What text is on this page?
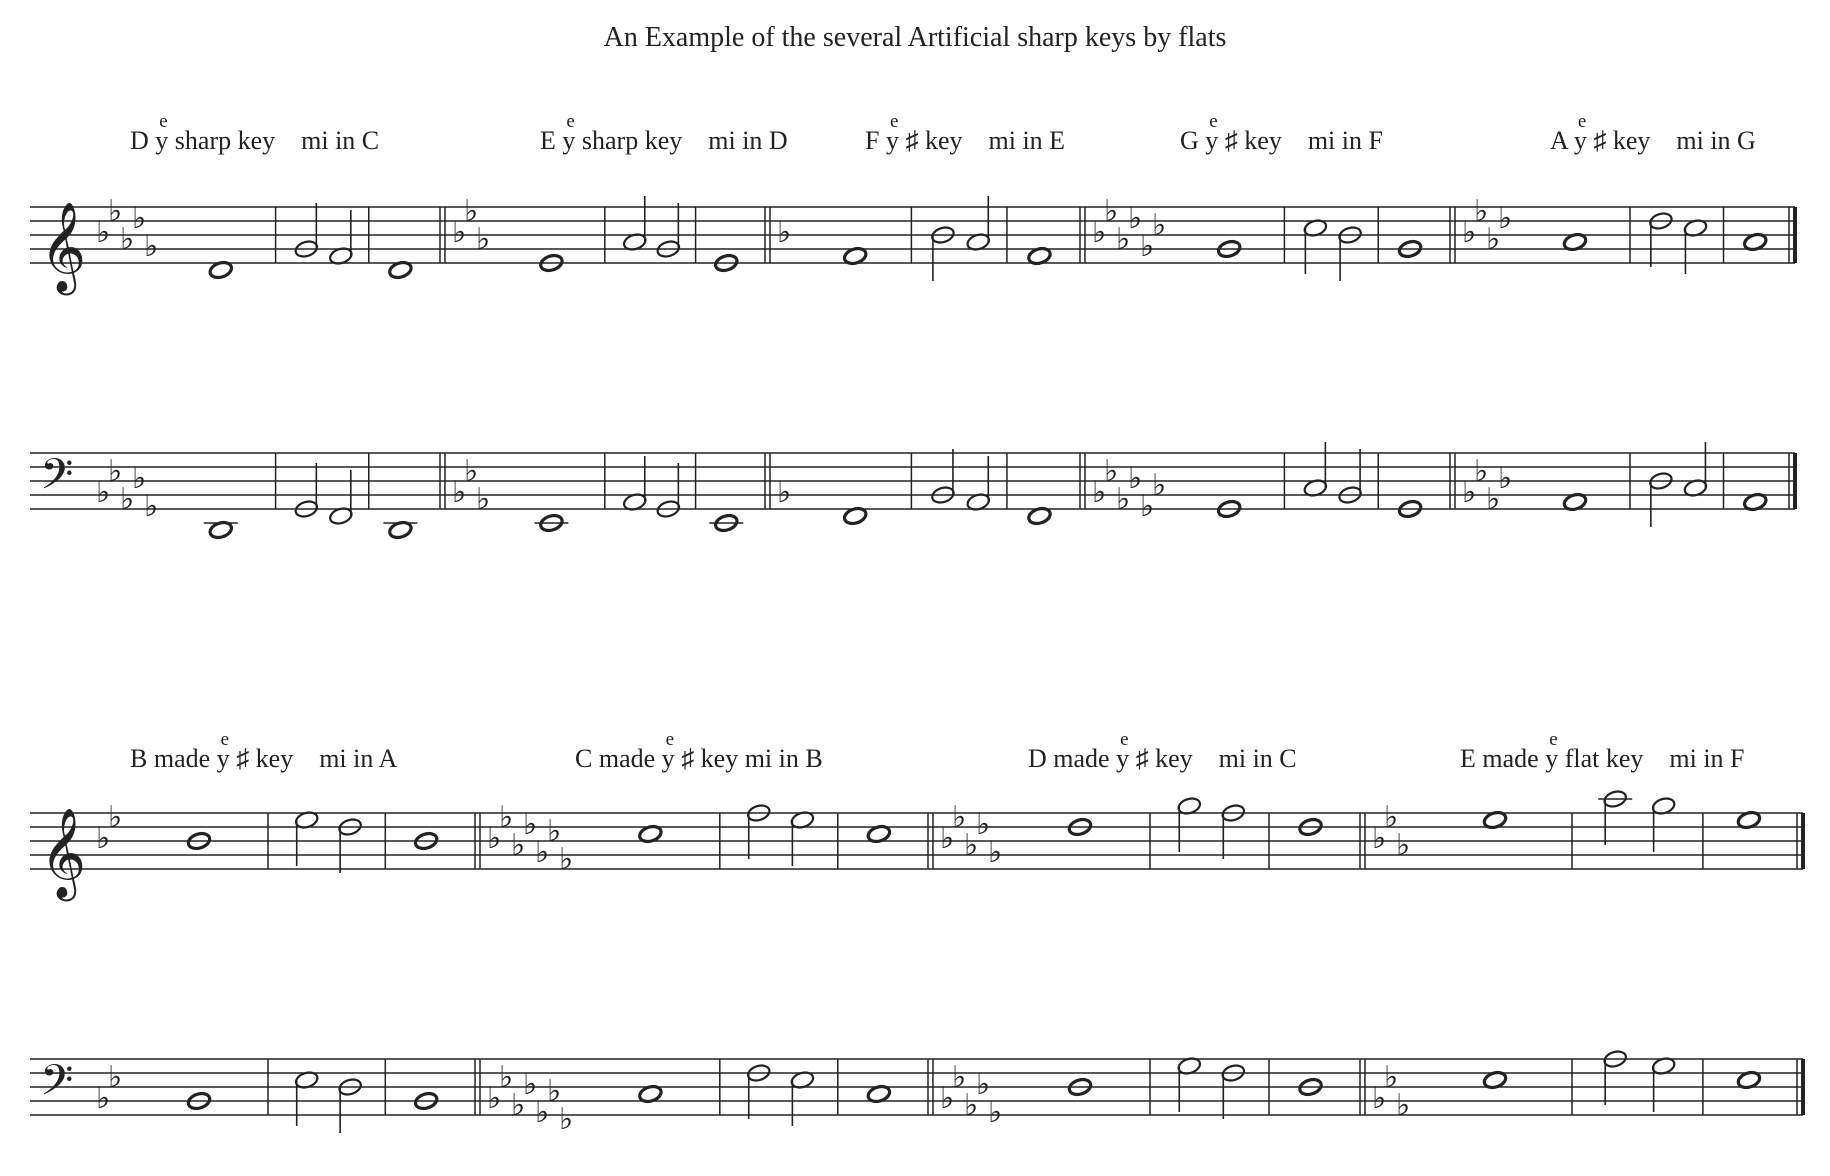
An Example of the several Artificial sharp keys by flats
D y
e
sharp key    mi in C	E y
e
sharp key    mi in D	F y
e
♯ key    mi in E	G y
e
♯ key    mi in F	A y
e
♯ key    mi in G
B made y
e
♯ key    mi in A	C made y
e
♯ key mi in B	D made y
e
♯ key    mi in C	E made y
e
flat key    mi in F
𝄞 ♭
♭
♭
♭
♭	♭
♭
♭	♭	♭
♭
♭
♭
♭
♭	♭
♭
♭
♭
𝄢 ♭
♭
♭
♭
♭	♭
♭
♭	♭	♭
♭
♭
♭
♭
♭	♭
♭
♭
♭
𝄞 ♭
♭
♭
♭
♭
♭
♭
♭
♭
♭
♭
♭
♭
♭	♭
♭
♭
𝄢 ♭
♭
♭
♭
♭
♭
♭
♭
♭
♭
♭
♭
♭
♭	♭
♭
♭
